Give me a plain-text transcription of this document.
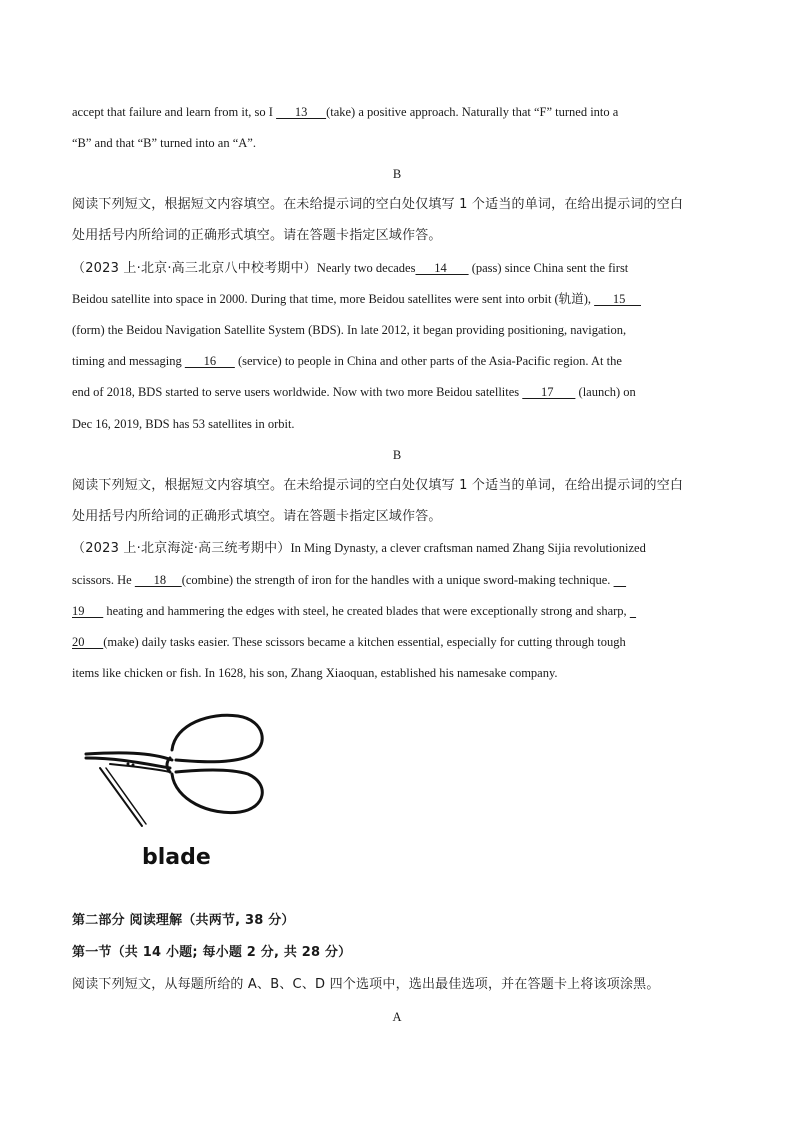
accept that failure and learn from it, so I       13      (take) a positive approach. Naturally that “F” turned into a
“B” and that “B” turned into an “A”.
B
阅读下列短文，根据短文内容填空。在未给提示词的空白处仅填写 1 个适当的单词，在给出提示词的空白
处用括号内所给词的正确形式填空。请在答题卡指定区域作答。
（2023 上·北京·高三北京八中校考期中）Nearly two decades      14        (pass) since China sent the first
Beidou satellite into space in 2000. During that time, more Beidou satellites were sent into orbit (轨道),       15
(form) the Beidou Navigation Satellite System (BDS). In late 2012, it began providing positioning, navigation,
timing and messaging       16       (service) to people in China and other parts of the Asia-Pacific region. At the
end of 2018, BDS started to serve users worldwide. Now with two more Beidou satellites       17        (launch) on
Dec 16, 2019, BDS has 53 satellites in orbit.
B
阅读下列短文，根据短文内容填空。在未给提示词的空白处仅填写 1 个适当的单词，在给出提示词的空白
处用括号内所给词的正确形式填空。请在答题卡指定区域作答。
（2023 上·北京海淀·高三统考期中）In Ming Dynasty, a clever craftsman named Zhang Sijia revolutionized
scissors. He       18     (combine) the strength of iron for the handles with a unique sword-making technique.
19       heating and hammering the edges with steel, he created blades that were exceptionally strong and sharp,
20      (make) daily tasks easier. These scissors became a kitchen essential, especially for cutting through tough
items like chicken or fish. In 1628, his son, Zhang Xiaoquan, established his namesake company.
blade
第二部分 阅读理解（共两节, 38 分）
第一节（共 14 小题; 每小题 2 分, 共 28 分）
阅读下列短文，从每题所给的 A、B、C、D 四个选项中，选出最佳选项，并在答题卡上将该项涂黑。
A
